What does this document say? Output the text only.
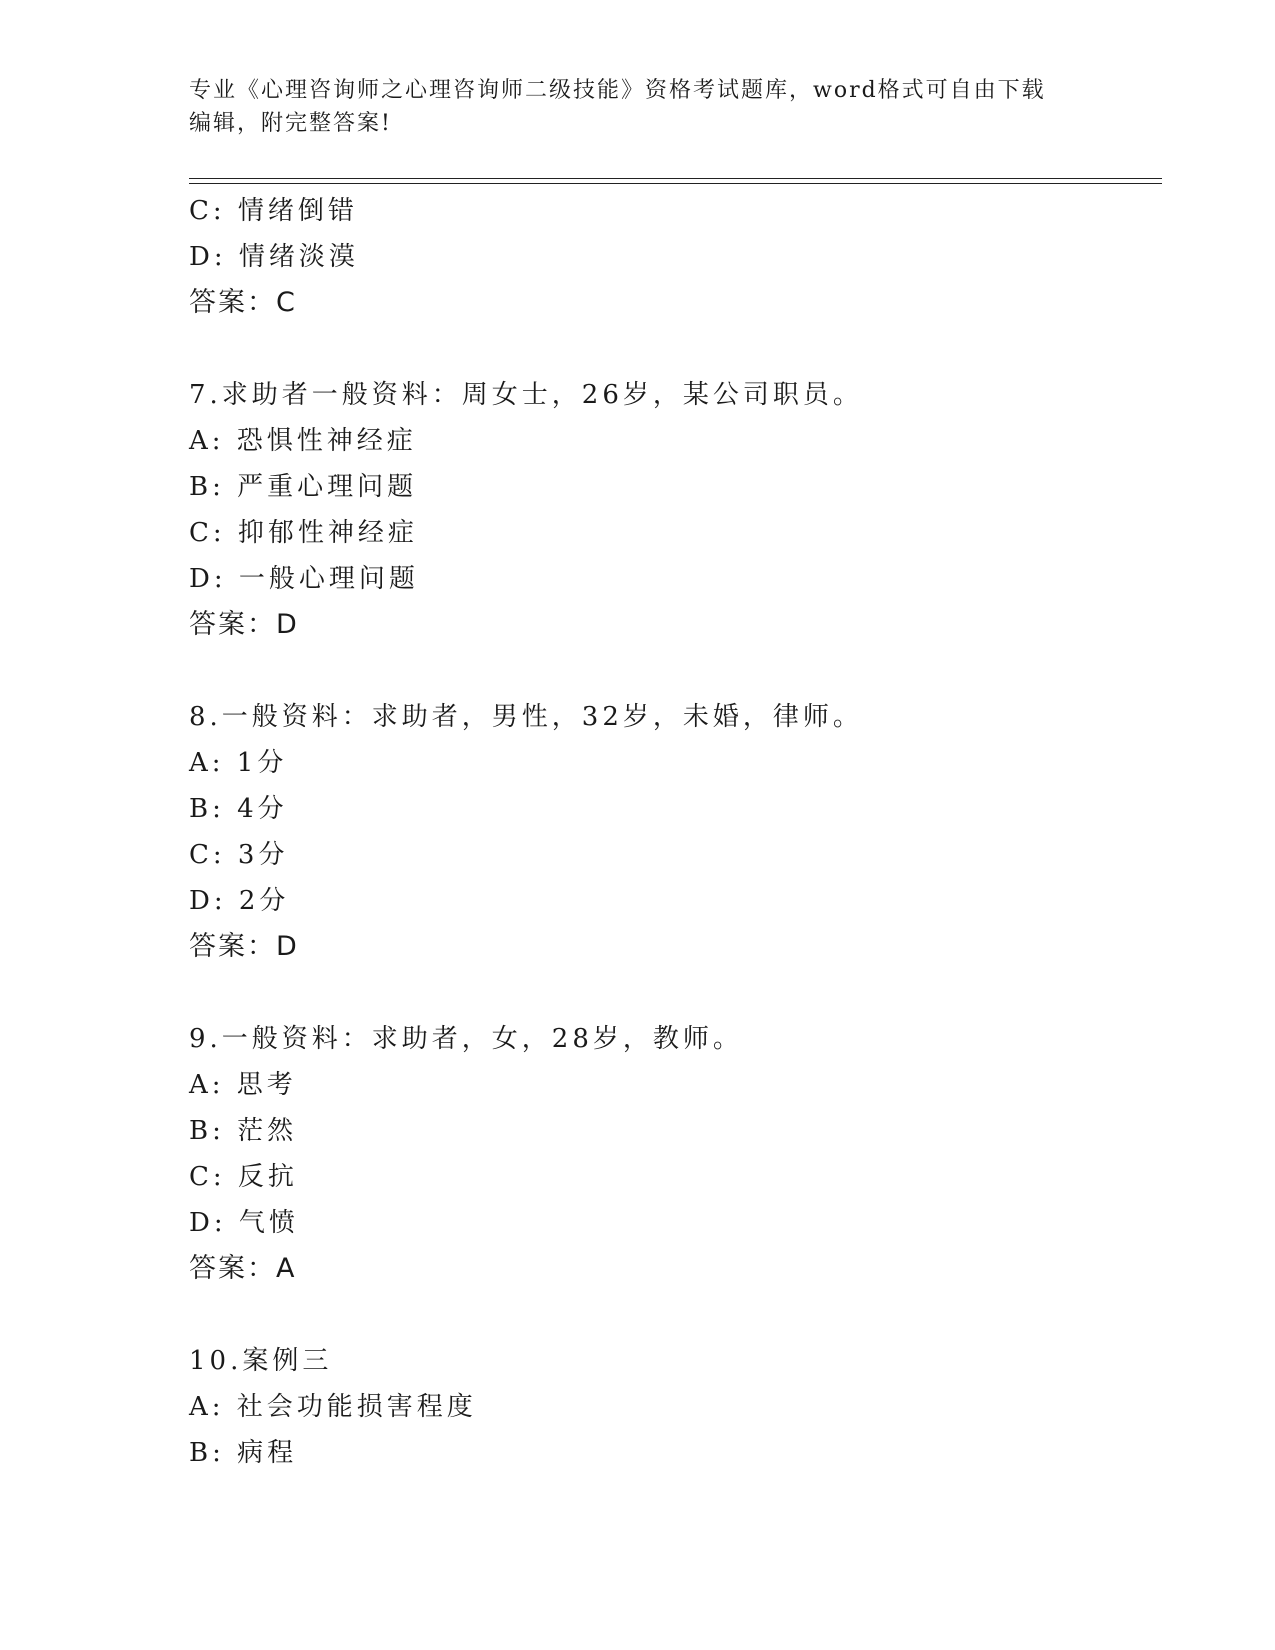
专业《心理咨询师之心理咨询师二级技能》资格考试题库，word格式可自由下载
编辑，附完整答案!
C: 情绪倒错
D: 情绪淡漠
答案：C
7.求助者一般资料：周女士，26岁，某公司职员。
A: 恐惧性神经症
B: 严重心理问题
C: 抑郁性神经症
D: 一般心理问题
答案：D
8.一般资料：求助者，男性，32岁，未婚，律师。
A: 1分
B: 4分
C: 3分
D: 2分
答案：D
9.一般资料：求助者，女，28岁，教师。
A: 思考
B: 茫然
C: 反抗
D: 气愤
答案：A
10.案例三
A: 社会功能损害程度
B: 病程
